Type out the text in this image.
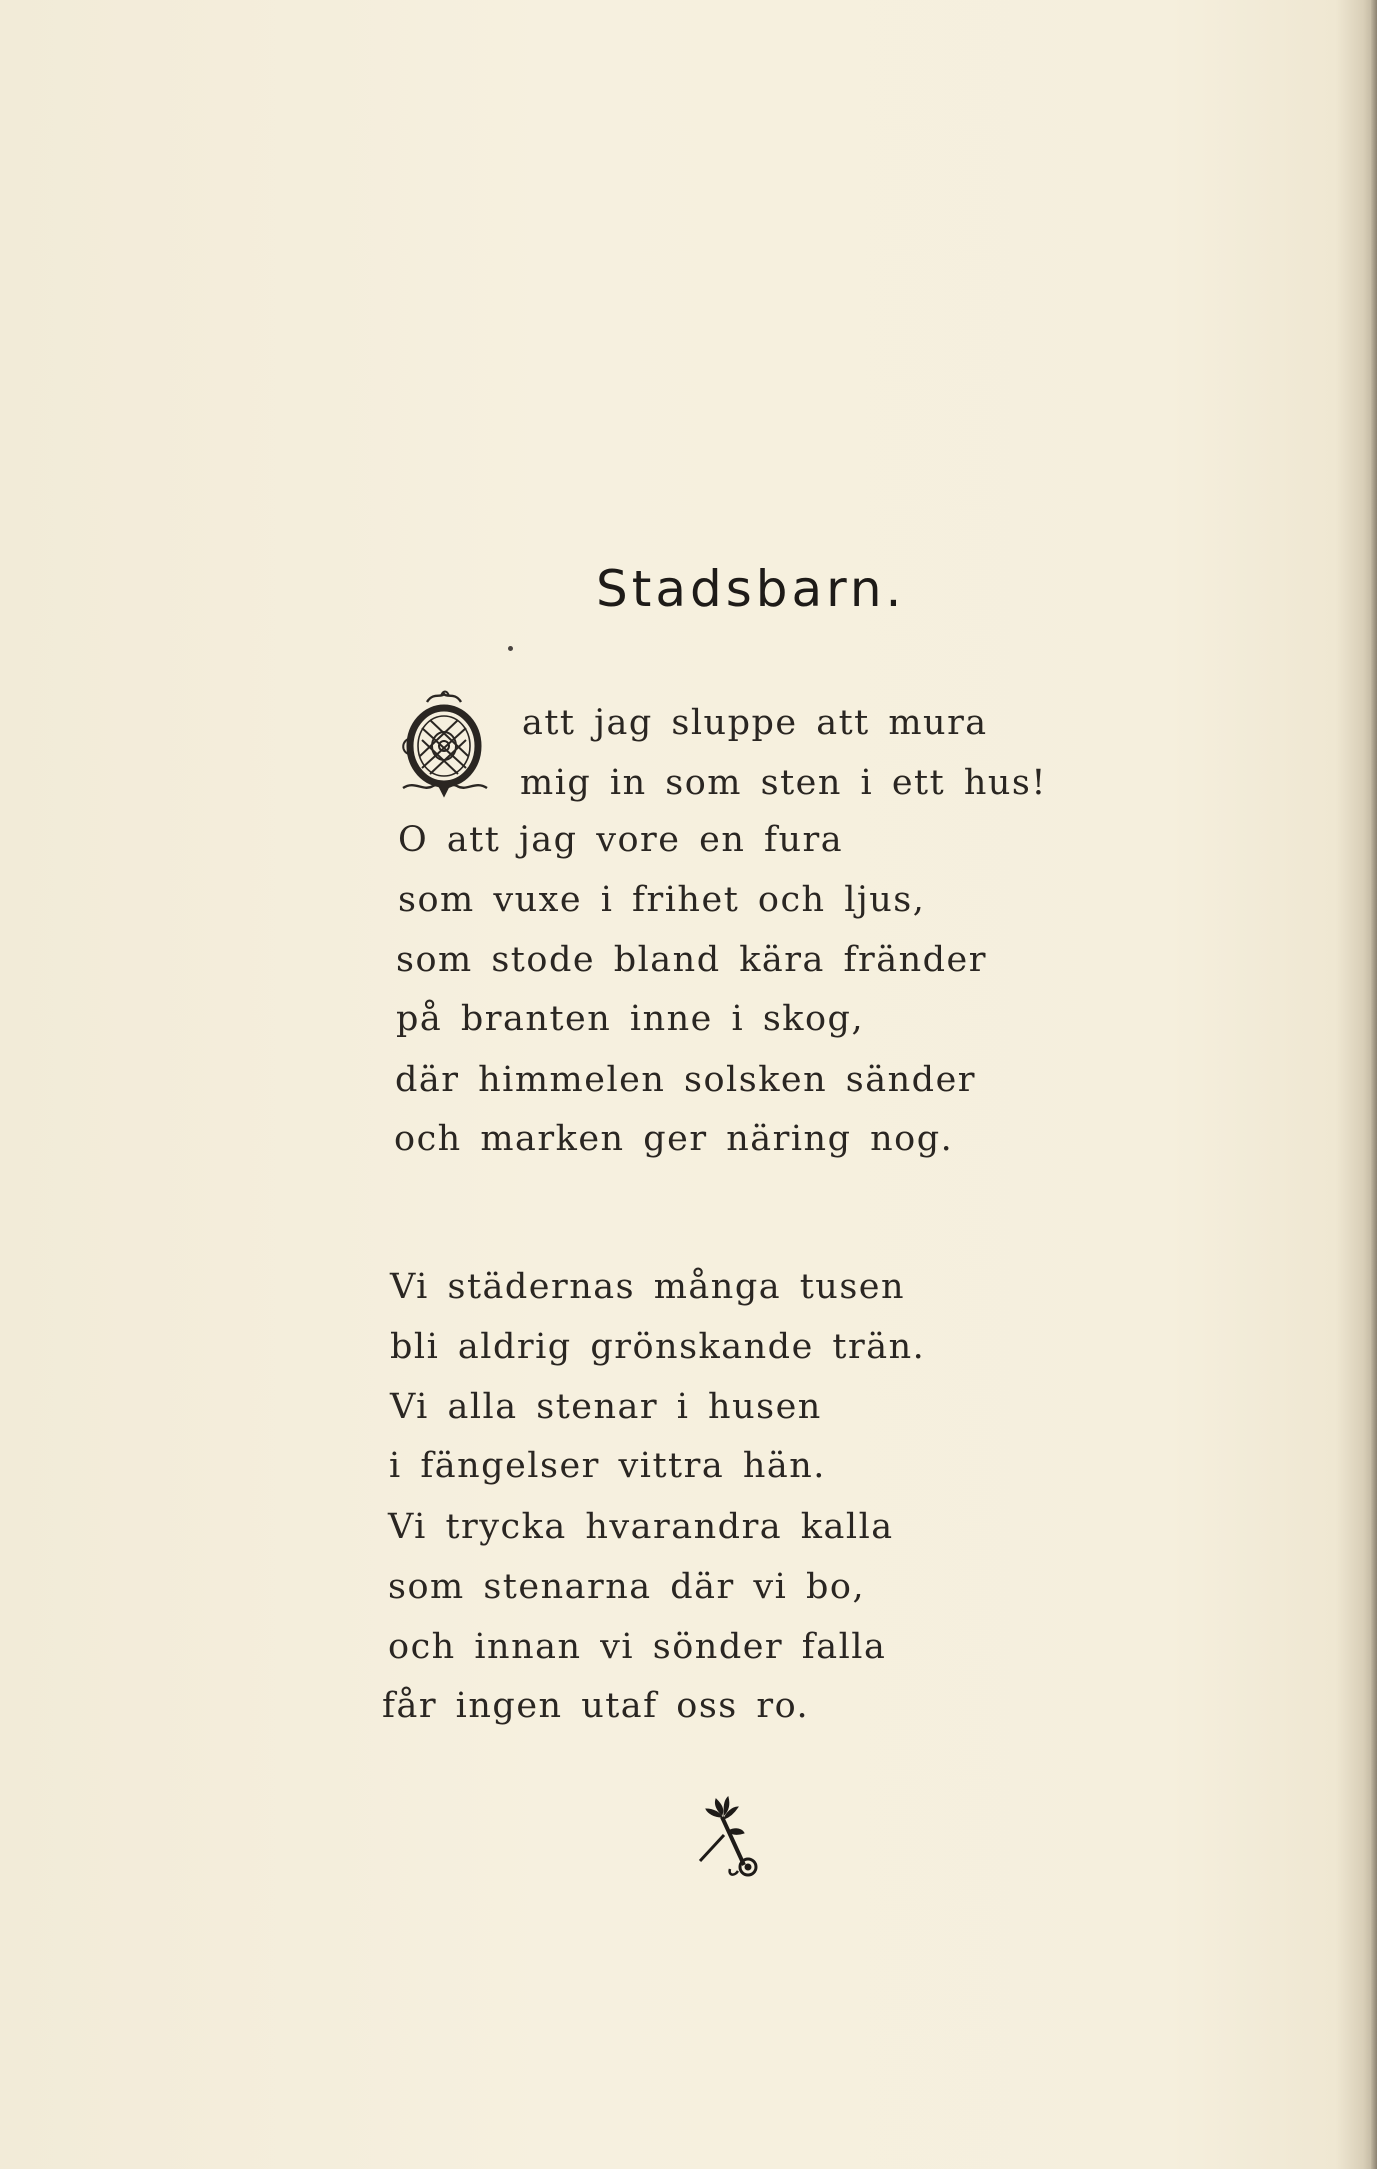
Stadsbarn.
att jag sluppe att mura
mig in som sten i ett hus!
O att jag vore en fura
som vuxe i frihet och ljus,
som stode bland kära fränder
på branten inne i skog,
där himmelen solsken sänder
och marken ger näring nog.
Vi städernas många tusen
bli aldrig grönskande trän.
Vi alla stenar i husen
i fängelser vittra hän.
Vi trycka hvarandra kalla
som stenarna där vi bo,
och innan vi sönder falla
får ingen utaf oss ro.
